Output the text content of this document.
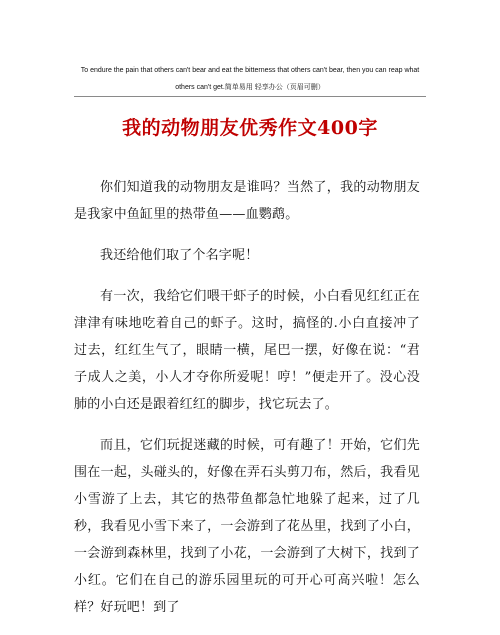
To endure the pain that others can't bear and eat the bitterness that others can't bear, then you can reap what others can't get.简单易用 轻享办公（页眉可删）
我的动物朋友优秀作文400字

你们知道我的动物朋友是谁吗？当然了，我的动物朋友是我家中鱼缸里的热带鱼——血鹦鹉。

我还给他们取了个名字呢！

有一次，我给它们喂干虾子的时候，小白看见红红正在津津有味地吃着自己的虾子。这时，搞怪的.小白直接冲了过去，红红生气了，眼睛一横，尾巴一摆，好像在说：“君子成人之美，小人才夺你所爱呢！哼！”便走开了。没心没肺的小白还是跟着红红的脚步，找它玩去了。

而且，它们玩捉迷藏的时候，可有趣了！开始，它们先围在一起，头碰头的，好像在弄石头剪刀布，然后，我看见小雪游了上去，其它的热带鱼都急忙地躲了起来，过了几秒，我看见小雪下来了，一会游到了花丛里，找到了小白，一会游到森林里，找到了小花，一会游到了大树下，找到了小红。它们在自己的游乐园里玩的可开心可高兴啦！怎么样？好玩吧！到了
